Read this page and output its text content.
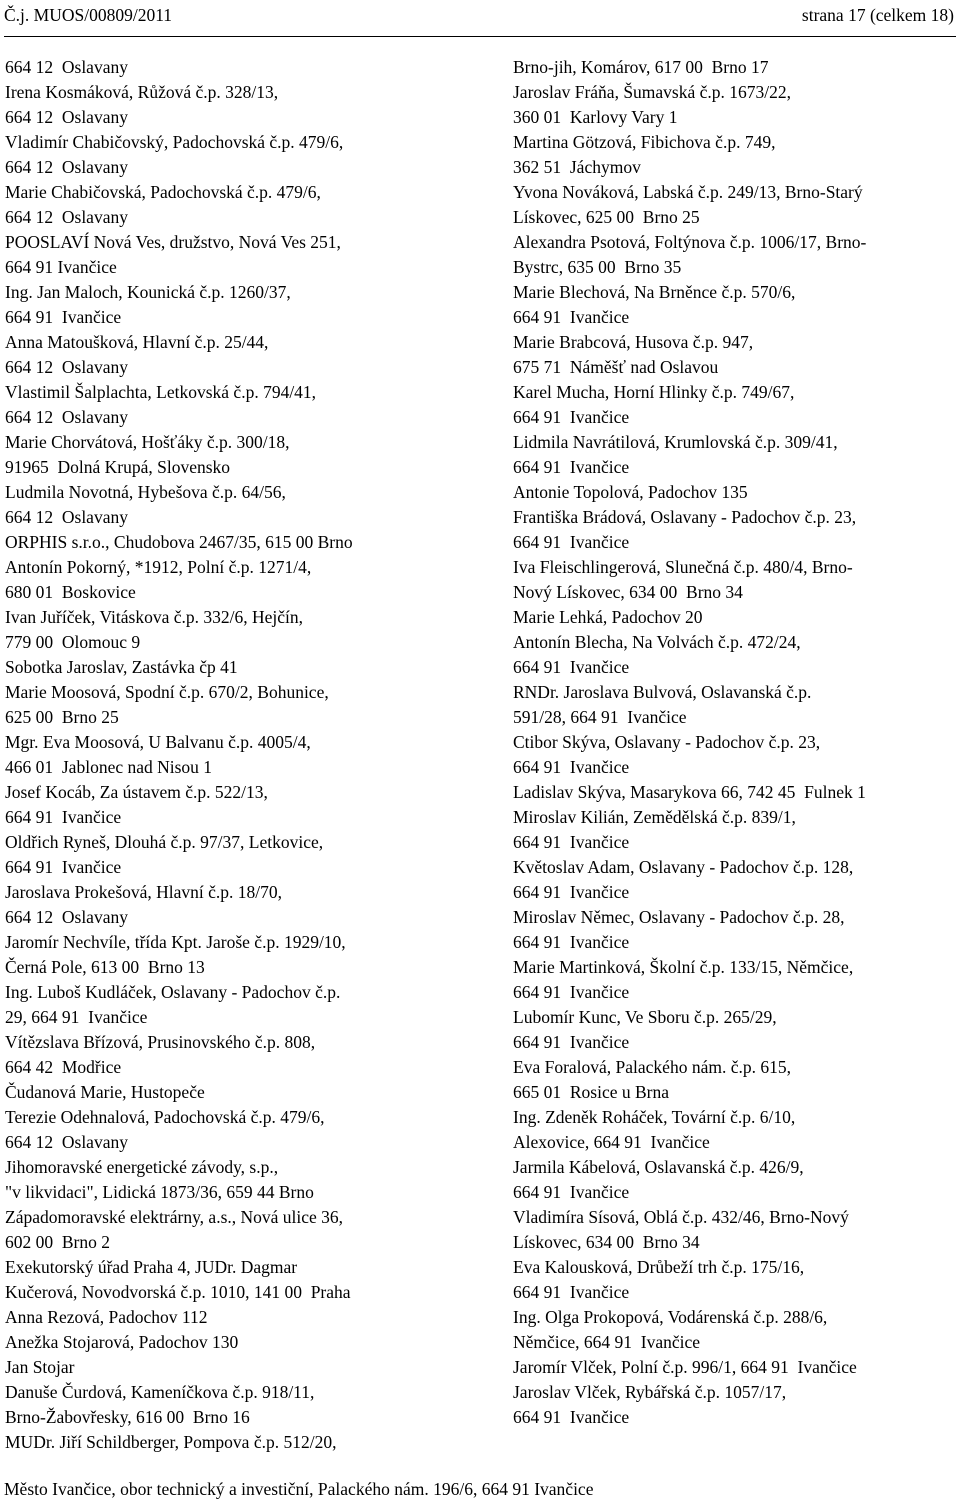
Č.j. MUOS/00809/2011	strana 17 (celkem 18)
664 12  Oslavany
Irena Kosmáková, Růžová č.p. 328/13,
664 12  Oslavany
Vladimír Chabičovský, Padochovská č.p. 479/6,
664 12  Oslavany
Marie Chabičovská, Padochovská č.p. 479/6,
664 12  Oslavany
POOSLAVÍ Nová Ves, družstvo, Nová Ves 251,
664 91 Ivančice
Ing. Jan Maloch, Kounická č.p. 1260/37,
664 91  Ivančice
Anna Matoušková, Hlavní č.p. 25/44,
664 12  Oslavany
Vlastimil Šalplachta, Letkovská č.p. 794/41,
664 12  Oslavany
Marie Chorvátová, Hošťáky č.p. 300/18,
91965  Dolná Krupá, Slovensko
Ludmila Novotná, Hybešova č.p. 64/56,
664 12  Oslavany
ORPHIS s.r.o., Chudobova 2467/35, 615 00 Brno
Antonín Pokorný, *1912, Polní č.p. 1271/4,
680 01  Boskovice
Ivan Juříček, Vitáskova č.p. 332/6, Hejčín,
779 00  Olomouc 9
Sobotka Jaroslav, Zastávka čp 41
Marie Moosová, Spodní č.p. 670/2, Bohunice,
625 00  Brno 25
Mgr. Eva Moosová, U Balvanu č.p. 4005/4,
466 01  Jablonec nad Nisou 1
Josef Kocáb, Za ústavem č.p. 522/13,
664 91  Ivančice
Oldřich Ryneš, Dlouhá č.p. 97/37, Letkovice,
664 91  Ivančice
Jaroslava Prokešová, Hlavní č.p. 18/70,
664 12  Oslavany
Jaromír Nechvíle, třída Kpt. Jaroše č.p. 1929/10,
Černá Pole, 613 00  Brno 13
Ing. Luboš Kudláček, Oslavany - Padochov č.p.
29, 664 91  Ivančice
Vítězslava Břízová, Prusinovského č.p. 808,
664 42  Modřice
Čudanová Marie, Hustopeče
Terezie Odehnalová, Padochovská č.p. 479/6,
664 12  Oslavany
Jihomoravské energetické závody, s.p.,
"v likvidaci", Lidická 1873/36, 659 44 Brno
Západomoravské elektrárny, a.s., Nová ulice 36,
602 00  Brno 2
Exekutorský úřad Praha 4, JUDr. Dagmar
Kučerová, Novodvorská č.p. 1010, 141 00  Praha
Anna Rezová, Padochov 112
Anežka Stojarová, Padochov 130
Jan Stojar
Danuše Čurdová, Kameníčkova č.p. 918/11,
Brno-Žabovřesky, 616 00  Brno 16
MUDr. Jiří Schildberger, Pompova č.p. 512/20,
Brno-jih, Komárov, 617 00  Brno 17
Jaroslav Fráňa, Šumavská č.p. 1673/22,
360 01  Karlovy Vary 1
Martina Götzová, Fibichova č.p. 749,
362 51  Jáchymov
Yvona Nováková, Labská č.p. 249/13, Brno-Starý
Lískovec, 625 00  Brno 25
Alexandra Psotová, Foltýnova č.p. 1006/17, Brno-
Bystrc, 635 00  Brno 35
Marie Blechová, Na Brněnce č.p. 570/6,
664 91  Ivančice
Marie Brabcová, Husova č.p. 947,
675 71  Náměšť nad Oslavou
Karel Mucha, Horní Hlinky č.p. 749/67,
664 91  Ivančice
Lidmila Navrátilová, Krumlovská č.p. 309/41,
664 91  Ivančice
Antonie Topolová, Padochov 135
Františka Brádová, Oslavany - Padochov č.p. 23,
664 91  Ivančice
Iva Fleischlingerová, Slunečná č.p. 480/4, Brno-
Nový Lískovec, 634 00  Brno 34
Marie Lehká, Padochov 20
Antonín Blecha, Na Volvách č.p. 472/24,
664 91  Ivančice
RNDr. Jaroslava Bulvová, Oslavanská č.p.
591/28, 664 91  Ivančice
Ctibor Skýva, Oslavany - Padochov č.p. 23,
664 91  Ivančice
Ladislav Skýva, Masarykova 66, 742 45  Fulnek 1
Miroslav Kilián, Zemědělská č.p. 839/1,
664 91  Ivančice
Květoslav Adam, Oslavany - Padochov č.p. 128,
664 91  Ivančice
Miroslav Němec, Oslavany - Padochov č.p. 28,
664 91  Ivančice
Marie Martinková, Školní č.p. 133/15, Němčice,
664 91  Ivančice
Lubomír Kunc, Ve Sboru č.p. 265/29,
664 91  Ivančice
Eva Foralová, Palackého nám. č.p. 615,
665 01  Rosice u Brna
Ing. Zdeněk Roháček, Tovární č.p. 6/10,
Alexovice, 664 91  Ivančice
Jarmila Kábelová, Oslavanská č.p. 426/9,
664 91  Ivančice
Vladimíra Sísová, Oblá č.p. 432/46, Brno-Nový
Lískovec, 634 00  Brno 34
Eva Kalousková, Drůbeží trh č.p. 175/16,
664 91  Ivančice
Ing. Olga Prokopová, Vodárenská č.p. 288/6,
Němčice, 664 91  Ivančice
Jaromír Vlček, Polní č.p. 996/1, 664 91  Ivančice
Jaroslav Vlček, Rybářská č.p. 1057/17,
664 91  Ivančice
Město Ivančice, obor technický a investiční, Palackého nám. 196/6, 664 91 Ivančice
